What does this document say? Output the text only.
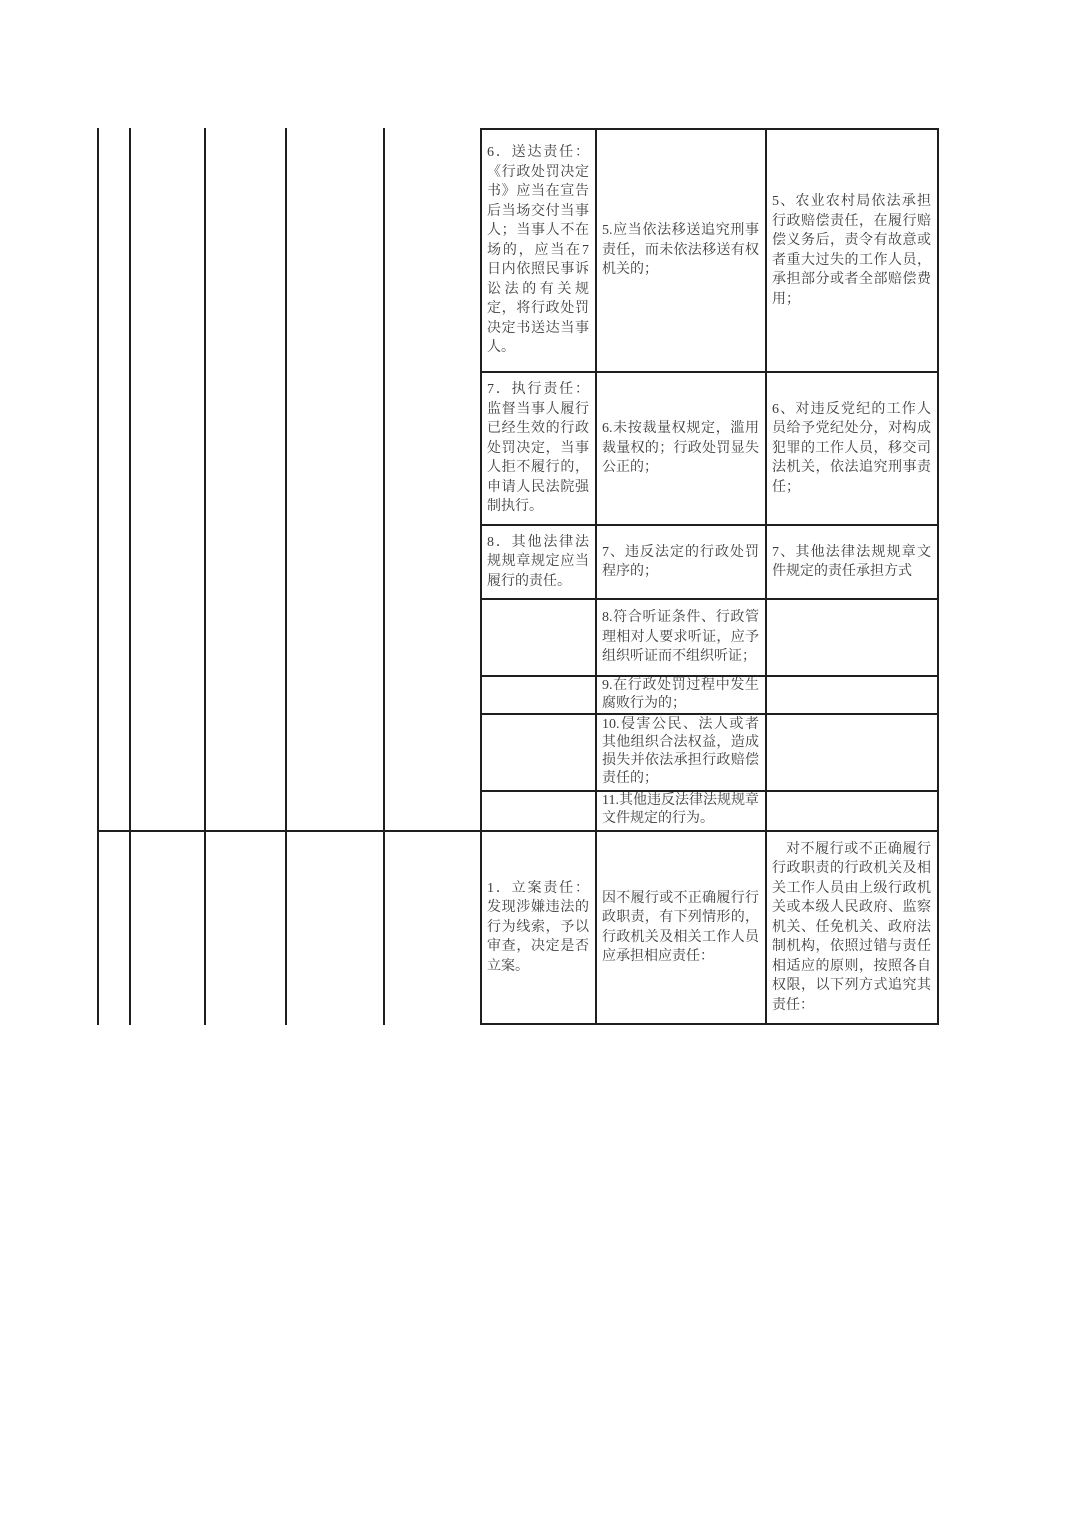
6．送达责任：《行政处罚决定书》应当在宣告后当场交付当事人；当事人不在场的，应当在7日内依照民事诉讼法的有关规定，将行政处罚决定书送达当事人。
5.应当依法移送追究刑事责任，而未依法移送有权机关的；
5、农业农村局依法承担行政赔偿责任，在履行赔偿义务后，责令有故意或者重大过失的工作人员，承担部分或者全部赔偿费用；
7．执行责任：监督当事人履行已经生效的行政处罚决定，当事人拒不履行的，申请人民法院强制执行。
6.未按裁量权规定，滥用裁量权的；行政处罚显失公正的；
6、对违反党纪的工作人员给予党纪处分，对构成犯罪的工作人员，移交司法机关，依法追究刑事责任；
8．其他法律法规规章规定应当履行的责任。
7、违反法定的行政处罚程序的；
7、其他法律法规规章文件规定的责任承担方式
8.符合听证条件、行政管理相对人要求听证，应予组织听证而不组织听证；
9.在行政处罚过程中发生腐败行为的；
10.侵害公民、法人或者其他组织合法权益，造成损失并依法承担行政赔偿责任的；
11.其他违反法律法规规章文件规定的行为。
1．立案责任：发现涉嫌违法的行为线索，予以审查，决定是否立案。
因不履行或不正确履行行政职责，有下列情形的，行政机关及相关工作人员应承担相应责任：
对不履行或不正确履行行政职责的行政机关及相关工作人员由上级行政机关或本级人民政府、监察机关、任免机关、政府法制机构，依照过错与责任相适应的原则，按照各自权限，以下列方式追究其责任：
